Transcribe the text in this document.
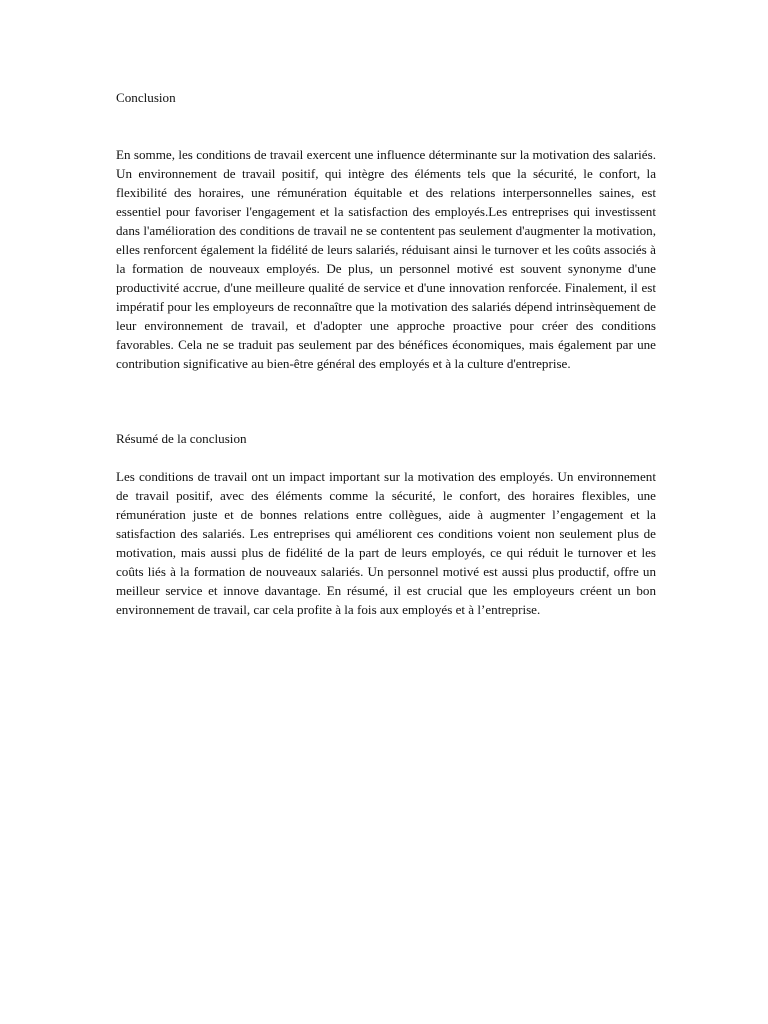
Conclusion

En somme, les conditions de travail exercent une influence déterminante sur la motivation des salariés. Un environnement de travail positif, qui intègre des éléments tels que la sécurité, le confort, la flexibilité des horaires, une rémunération équitable et des relations interpersonnelles saines, est essentiel pour favoriser l'engagement et la satisfaction des employés.Les entreprises qui investissent dans l'amélioration des conditions de travail ne se contentent pas seulement d'augmenter la motivation, elles renforcent également la fidélité de leurs salariés, réduisant ainsi le turnover et les coûts associés à la formation de nouveaux employés. De plus, un personnel motivé est souvent synonyme d'une productivité accrue, d'une meilleure qualité de service et d'une innovation renforcée. Finalement, il est impératif pour les employeurs de reconnaître que la motivation des salariés dépend intrinsèquement de leur environnement de travail, et d'adopter une approche proactive pour créer des conditions favorables. Cela ne se traduit pas seulement par des bénéfices économiques, mais également par une contribution significative au bien-être général des employés et à la culture d'entreprise.

Résumé de la conclusion

Les conditions de travail ont un impact important sur la motivation des employés. Un environnement de travail positif, avec des éléments comme la sécurité, le confort, des horaires flexibles, une rémunération juste et de bonnes relations entre collègues, aide à augmenter l’engagement et la satisfaction des salariés. Les entreprises qui améliorent ces conditions voient non seulement plus de motivation, mais aussi plus de fidélité de la part de leurs employés, ce qui réduit le turnover et les coûts liés à la formation de nouveaux salariés. Un personnel motivé est aussi plus productif, offre un meilleur service et innove davantage. En résumé, il est crucial que les employeurs créent un bon environnement de travail, car cela profite à la fois aux employés et à l’entreprise.
